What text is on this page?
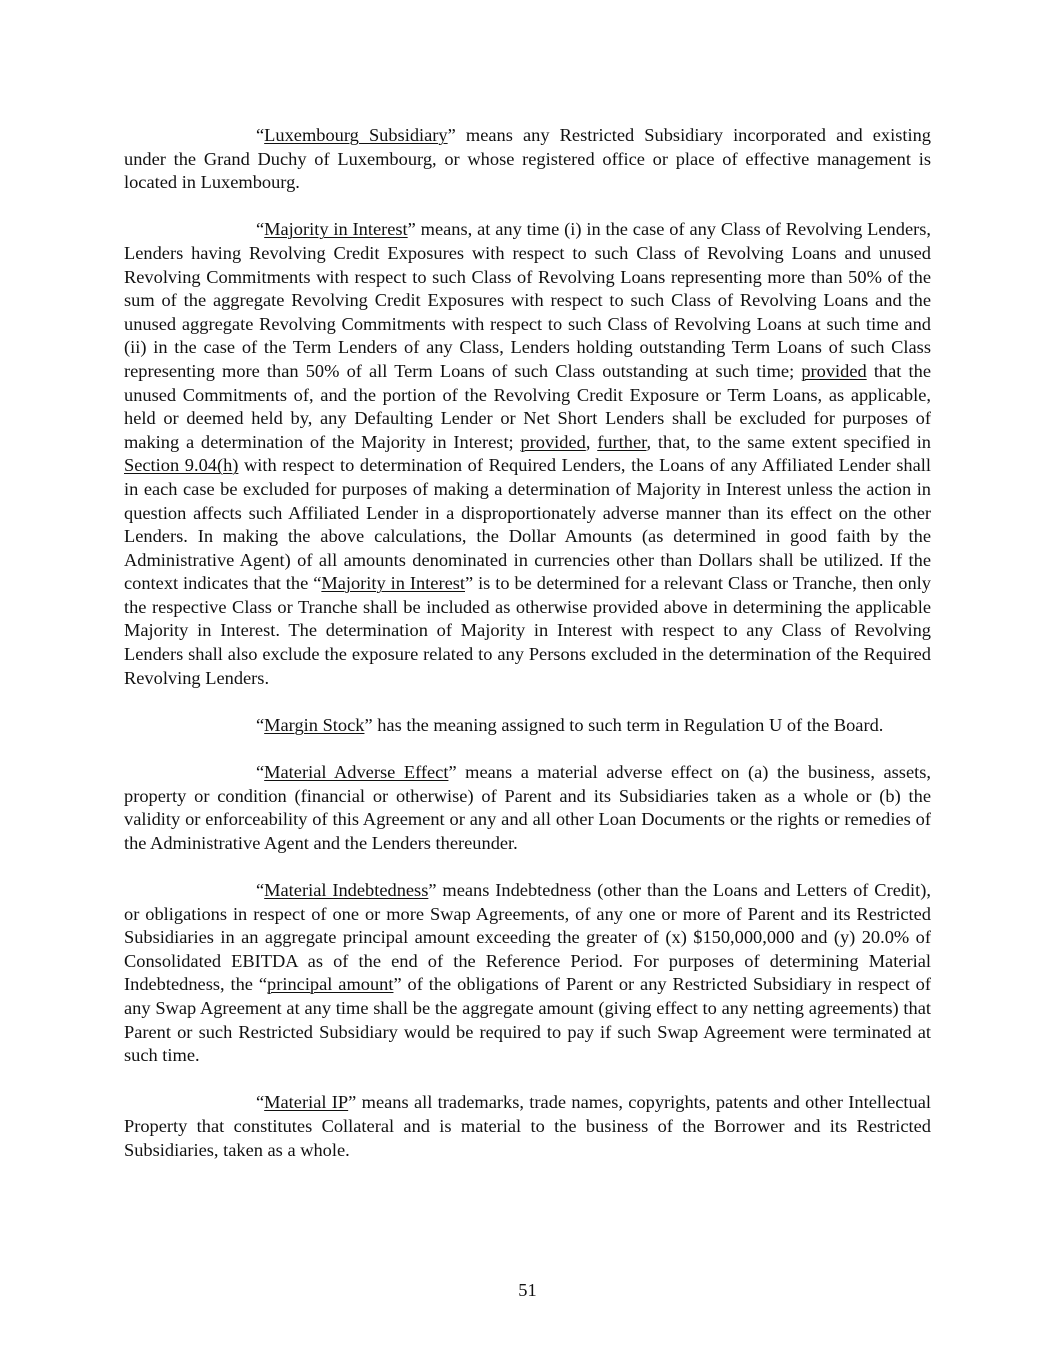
“Luxembourg Subsidiary” means any Restricted Subsidiary incorporated and existing under the Grand Duchy of Luxembourg, or whose registered office or place of effective management is located in Luxembourg.

“Majority in Interest” means, at any time (i) in the case of any Class of Revolving Lenders, Lenders having Revolving Credit Exposures with respect to such Class of Revolving Loans and unused Revolving Commitments with respect to such Class of Revolving Loans representing more than 50% of the sum of the aggregate Revolving Credit Exposures with respect to such Class of Revolving Loans and the unused aggregate Revolving Commitments with respect to such Class of Revolving Loans at such time and (ii) in the case of the Term Lenders of any Class, Lenders holding outstanding Term Loans of such Class representing more than 50% of all Term Loans of such Class outstanding at such time; provided that the unused Commitments of, and the portion of the Revolving Credit Exposure or Term Loans, as applicable, held or deemed held by, any Defaulting Lender or Net Short Lenders shall be excluded for purposes of making a determination of the Majority in Interest; provided, further, that, to the same extent specified in Section 9.04(h) with respect to determination of Required Lenders, the Loans of any Affiliated Lender shall in each case be excluded for purposes of making a determination of Majority in Interest unless the action in question affects such Affiliated Lender in a disproportionately adverse manner than its effect on the other Lenders. In making the above calculations, the Dollar Amounts (as determined in good faith by the Administrative Agent) of all amounts denominated in currencies other than Dollars shall be utilized. If the context indicates that the “Majority in Interest” is to be determined for a relevant Class or Tranche, then only the respective Class or Tranche shall be included as otherwise provided above in determining the applicable Majority in Interest. The determination of Majority in Interest with respect to any Class of Revolving Lenders shall also exclude the exposure related to any Persons excluded in the determination of the Required Revolving Lenders.

“Margin Stock” has the meaning assigned to such term in Regulation U of the Board.

“Material Adverse Effect” means a material adverse effect on (a) the business, assets, property or condition (financial or otherwise) of Parent and its Subsidiaries taken as a whole or (b) the validity or enforceability of this Agreement or any and all other Loan Documents or the rights or remedies of the Administrative Agent and the Lenders thereunder.

“Material Indebtedness” means Indebtedness (other than the Loans and Letters of Credit), or obligations in respect of one or more Swap Agreements, of any one or more of Parent and its Restricted Subsidiaries in an aggregate principal amount exceeding the greater of (x) $150,000,000 and (y) 20.0% of Consolidated EBITDA as of the end of the Reference Period. For purposes of determining Material Indebtedness, the “principal amount” of the obligations of Parent or any Restricted Subsidiary in respect of any Swap Agreement at any time shall be the aggregate amount (giving effect to any netting agreements) that Parent or such Restricted Subsidiary would be required to pay if such Swap Agreement were terminated at such time.

“Material IP” means all trademarks, trade names, copyrights, patents and other Intellectual Property that constitutes Collateral and is material to the business of the Borrower and its Restricted Subsidiaries, taken as a whole.

51
